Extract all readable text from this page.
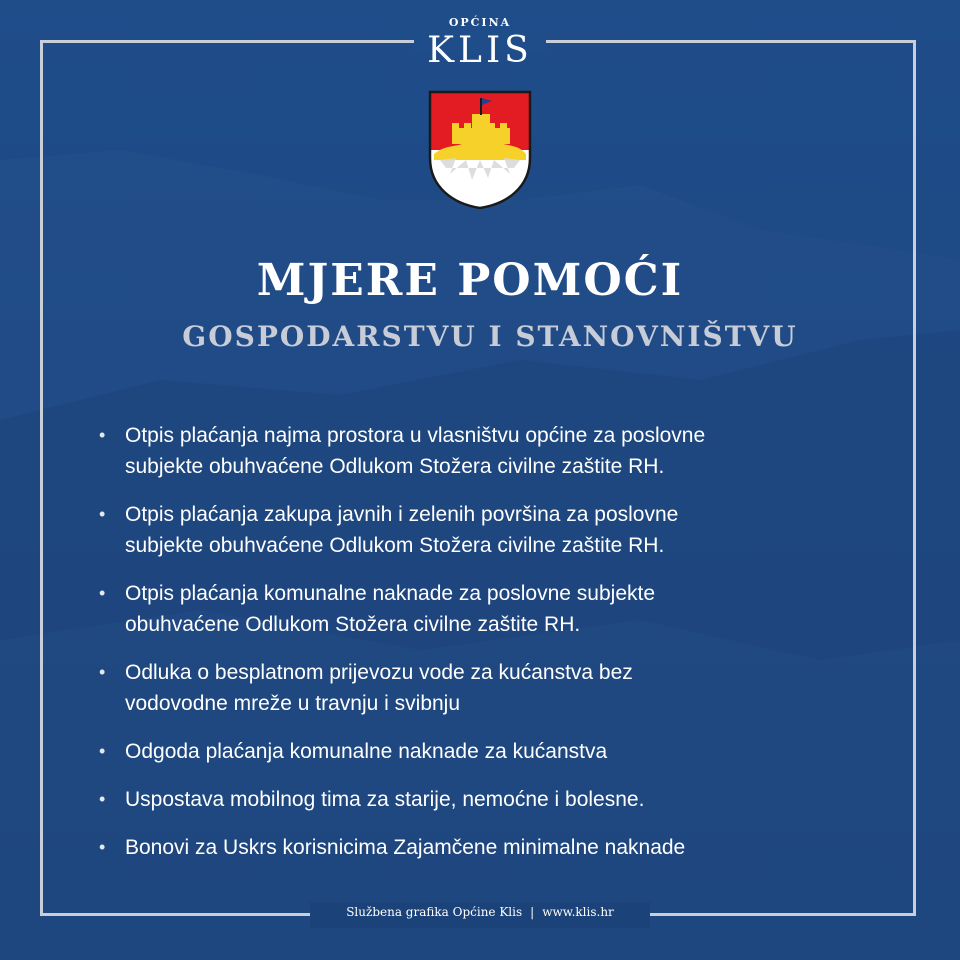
OPĆINA
KLIS
MJERE POMOĆI
GOSPODARSTVU I STANOVNIŠTVU
• Otpis plaćanja najma prostora u vlasništvu općine za poslovne
subjekte obuhvaćene Odlukom Stožera civilne zaštite RH.
• Otpis plaćanja zakupa javnih i zelenih površina za poslovne
subjekte obuhvaćene Odlukom Stožera civilne zaštite RH.
• Otpis plaćanja komunalne naknade za poslovne subjekte
obuhvaćene Odlukom Stožera civilne zaštite RH.
• Odluka o besplatnom prijevozu vode za kućanstva bez
vodovodne mreže u travnju i svibnju
• Odgoda plaćanja komunalne naknade za kućanstva
• Uspostava mobilnog tima za starije, nemoćne i bolesne.
• Bonovi za Uskrs korisnicima Zajamčene minimalne naknade
Službena grafika Općine Klis | www.klis.hr
